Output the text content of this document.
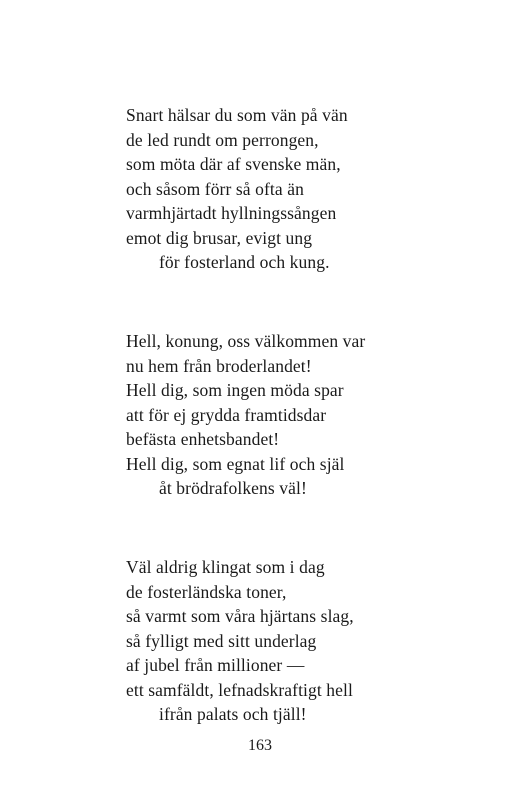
Snart hälsar du som vän på vän
de led rundt om perrongen,
som möta där af svenske män,
och såsom förr så ofta än
varmhjärtadt hyllningssången
emot dig brusar, evigt ung
för fosterland och kung.
Hell, konung, oss välkommen var
nu hem från broderlandet!
Hell dig, som ingen möda spar
att för ej grydda framtidsdar
befästa enhetsbandet!
Hell dig, som egnat lif och själ
åt brödrafolkens väl!
Väl aldrig klingat som i dag
de fosterländska toner,
så varmt som våra hjärtans slag,
så fylligt med sitt underlag
af jubel från millioner —
ett samfäldt, lefnadskraftigt hell
ifrån palats och tjäll!
163
